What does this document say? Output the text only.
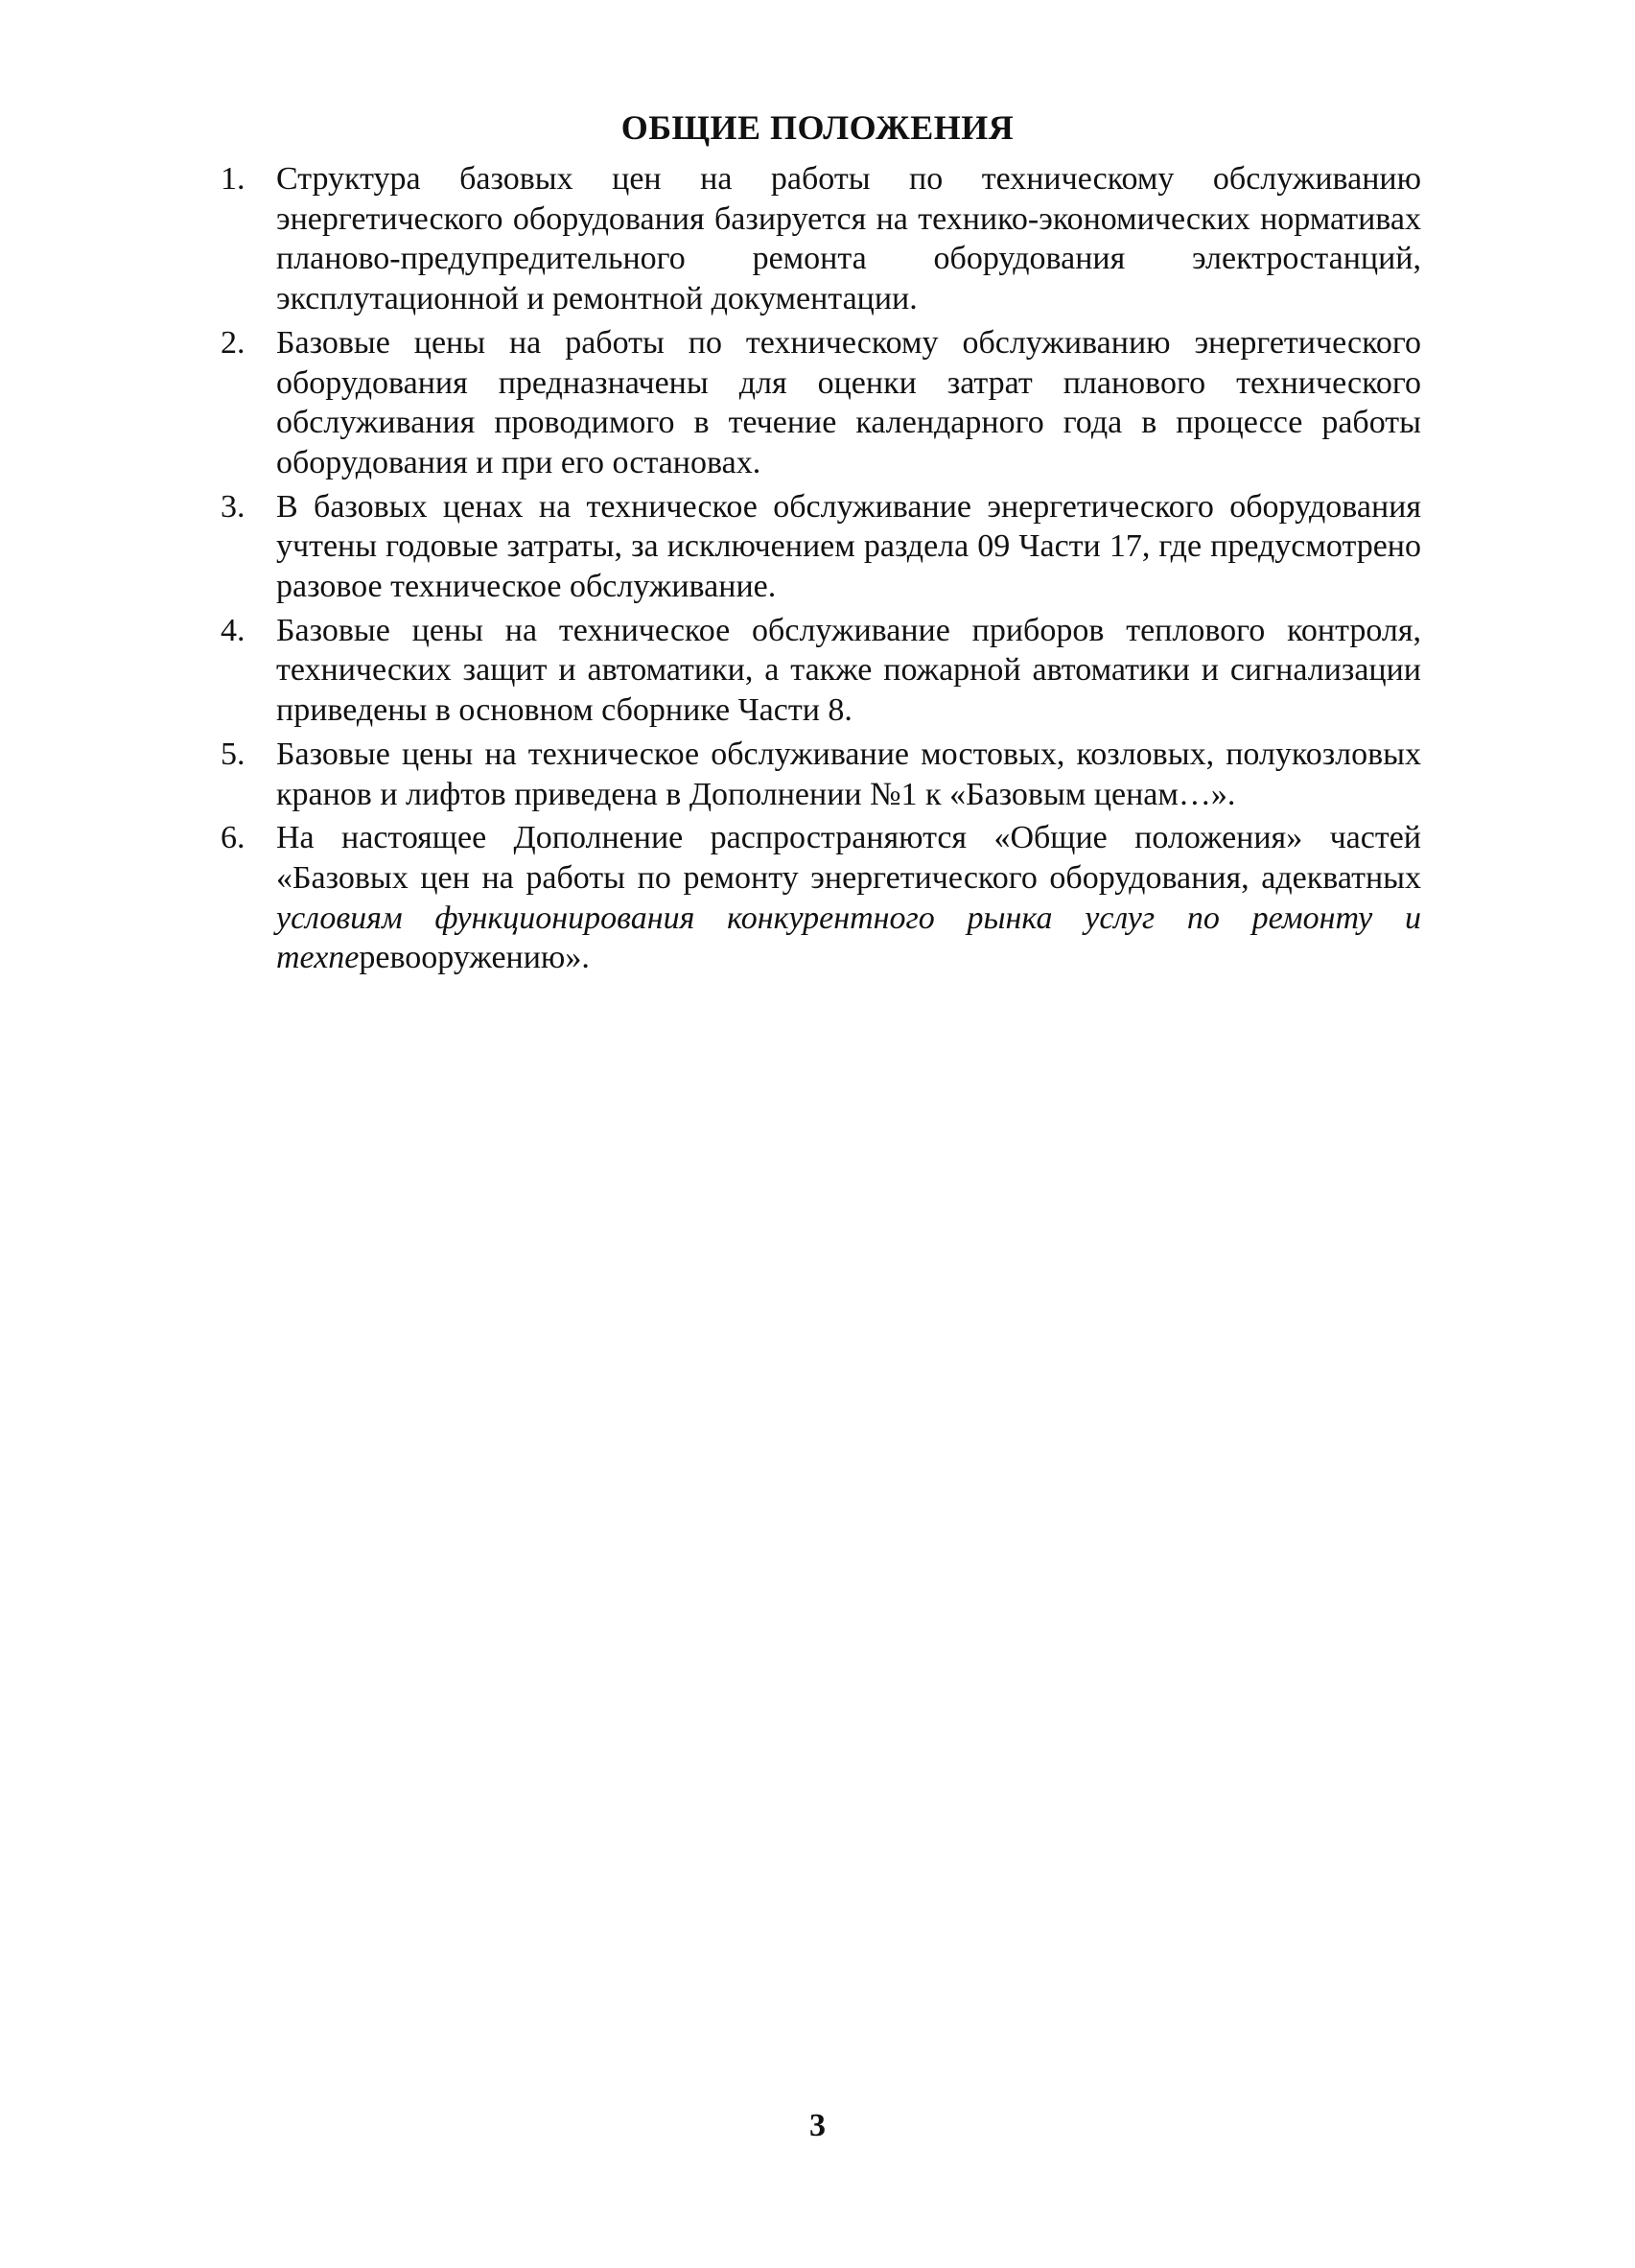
ОБЩИЕ ПОЛОЖЕНИЯ
1. Структура базовых цен на работы по техническому обслуживанию энергетического оборудования базируется на технико-экономических нормативах планово-предупредительного ремонта оборудования электростанций, эксплутационной и ремонтной документации.
2. Базовые цены на работы по техническому обслуживанию энергетического оборудования предназначены для оценки затрат планового технического обслуживания проводимого в течение календарного года в процессе работы оборудования и при его остановах.
3. В базовых ценах на техническое обслуживание энергетического оборудования учтены годовые затраты, за исключением раздела 09 Части 17, где предусмотрено разовое техническое обслуживание.
4. Базовые цены на техническое обслуживание приборов теплового контроля, технических защит и автоматики, а также пожарной автоматики и сигнализации приведены в основном сборнике Части 8.
5. Базовые цены на техническое обслуживание мостовых, козловых, полукозловых кранов и лифтов приведена в Дополнении №1 к «Базовым ценам…».
6. На настоящее Дополнение распространяются «Общие положения» частей «Базовых цен на работы по ремонту энергетического оборудования, адекватных условиям функционирования конкурентного рынка услуг по ремонту и техперевооружению».
3
